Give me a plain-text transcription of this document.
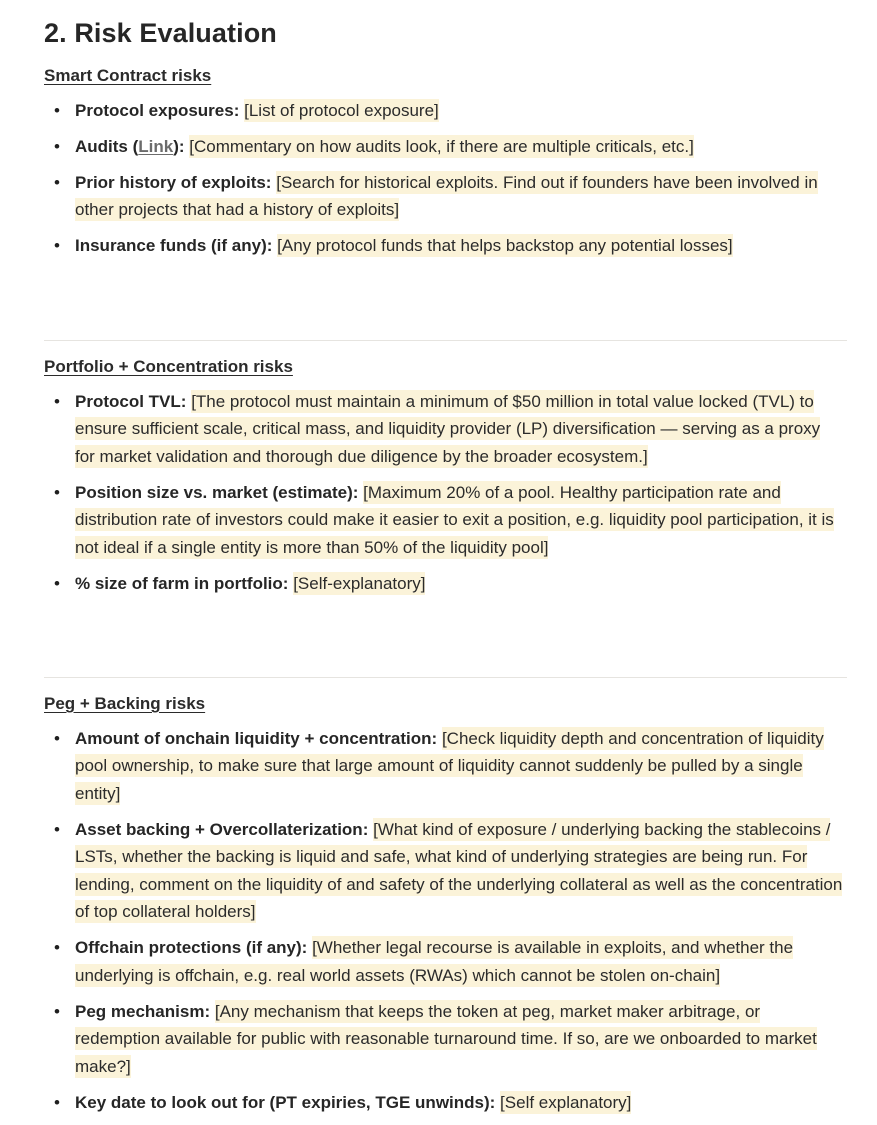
2. Risk Evaluation
Smart Contract risks
• Protocol exposures: [List of protocol exposure]
• Audits (Link): [Commentary on how audits look, if there are multiple criticals, etc.]
• Prior history of exploits: [Search for historical exploits. Find out if founders have been involved in other projects that had a history of exploits]
• Insurance funds (if any): [Any protocol funds that helps backstop any potential losses]
Portfolio + Concentration risks
• Protocol TVL: [The protocol must maintain a minimum of $50 million in total value locked (TVL) to ensure sufficient scale, critical mass, and liquidity provider (LP) diversification — serving as a proxy for market validation and thorough due diligence by the broader ecosystem.]
• Position size vs. market (estimate): [Maximum 20% of a pool. Healthy participation rate and distribution rate of investors could make it easier to exit a position, e.g. liquidity pool participation, it is not ideal if a single entity is more than 50% of the liquidity pool]
• % size of farm in portfolio: [Self-explanatory]
Peg + Backing risks
• Amount of onchain liquidity + concentration: [Check liquidity depth and concentration of liquidity pool ownership, to make sure that large amount of liquidity cannot suddenly be pulled by a single entity]
• Asset backing + Overcollaterization: [What kind of exposure / underlying backing the stablecoins / LSTs, whether the backing is liquid and safe, what kind of underlying strategies are being run. For lending, comment on the liquidity of and safety of the underlying collateral as well as the concentration of top collateral holders]
• Offchain protections (if any): [Whether legal recourse is available in exploits, and whether the underlying is offchain, e.g. real world assets (RWAs) which cannot be stolen on-chain]
• Peg mechanism: [Any mechanism that keeps the token at peg, market maker arbitrage, or redemption available for public with reasonable turnaround time. If so, are we onboarded to market make?]
• Key date to look out for (PT expiries, TGE unwinds): [Self explanatory]
